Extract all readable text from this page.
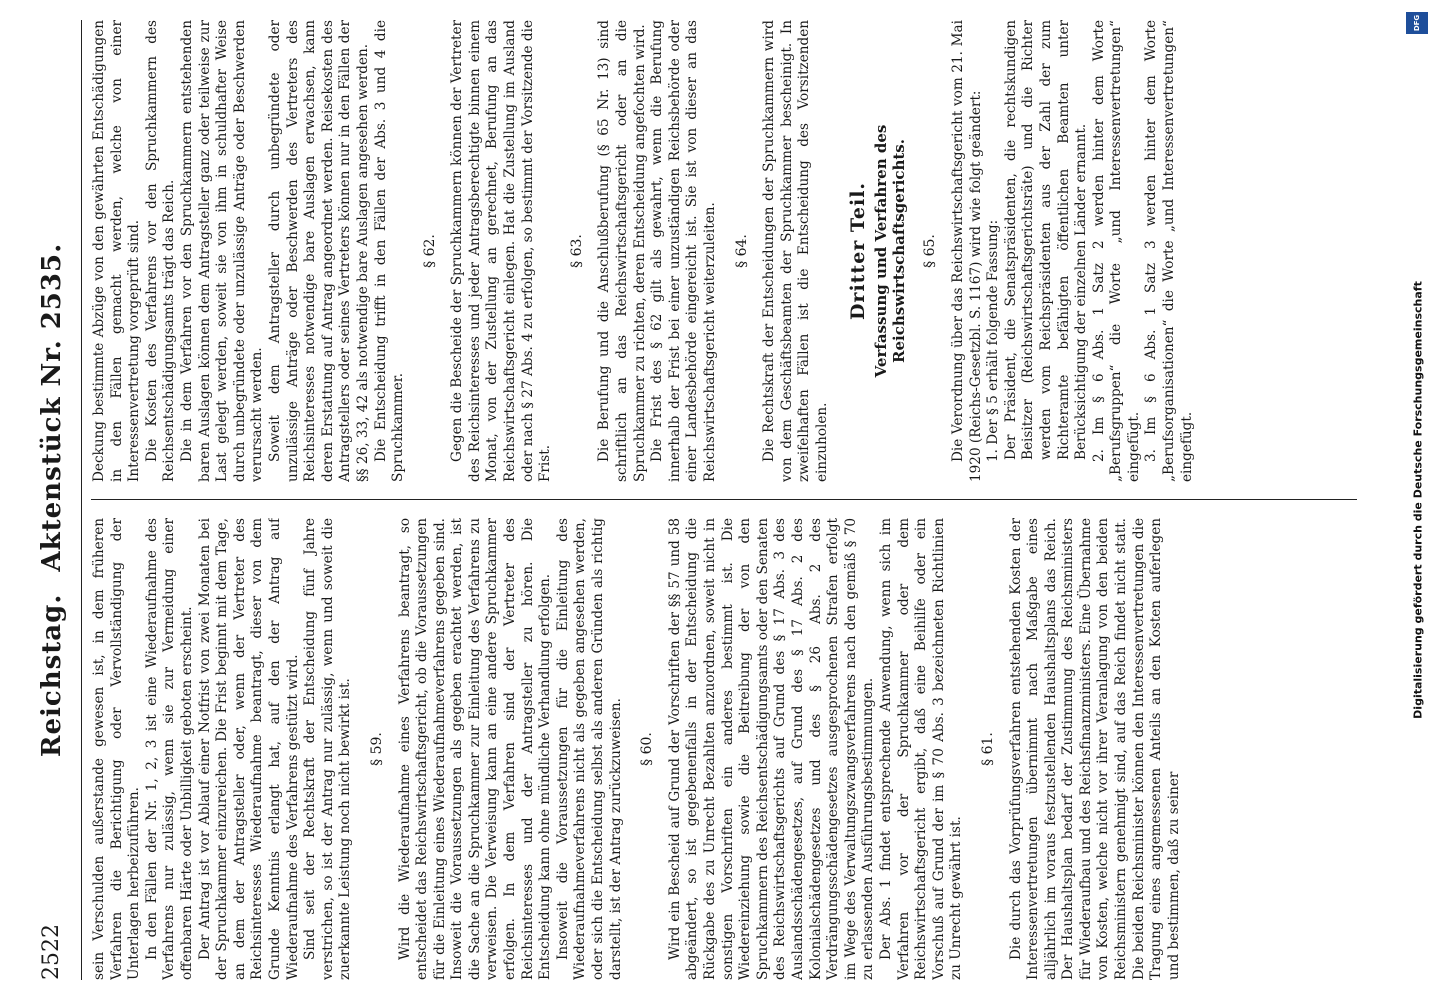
2522
Reichstag. Aktenstück Nr. 2535.

sein Verschulden außerstande gewesen ist, in dem früheren Verfahren die Berichtigung oder Vervollständigung der Unterlagen herbeizuführen. In den Fällen der Nr. 1, 2, 3 ist eine Wiederaufnahme des Verfahrens nur zulässig, wenn sie zur Vermeidung einer offenbaren Härte oder Unbilligkeit geboten erscheint. Der Antrag ist vor Ablauf einer Notfrist von zwei Monaten bei der Spruchkammer einzureichen. Die Frist beginnt mit dem Tage, an dem der Antragsteller oder, wenn der Vertreter des Reichsinteresses Wiederaufnahme beantragt, dieser von dem Grunde Kenntnis erlangt hat, auf den der Antrag auf Wiederaufnahme des Verfahrens gestützt wird. Sind seit der Rechtskraft der Entscheidung fünf Jahre verstrichen, so ist der Antrag nur zulässig, wenn und soweit die zuerkannte Leistung noch nicht bewirkt ist. § 59. Wird die Wiederaufnahme eines Verfahrens beantragt, so entscheidet das Reichswirtschaftsgericht, ob die Voraussetzungen für die Einleitung eines Wiederaufnahmeverfahrens gegeben sind. Insoweit die Voraussetzungen als gegeben erachtet werden, ist die Sache an die Spruchkammer zur Einleitung des Verfahrens zu verweisen. Die Verweisung kann an eine andere Spruchkammer erfolgen. In dem Verfahren sind der Vertreter des Reichsinteresses und der Antragsteller zu hören. Die Entscheidung kann ohne mündliche Verhandlung erfolgen. Insoweit die Voraussetzungen für die Einleitung des Wiederaufnahmeverfahrens nicht als gegeben angesehen werden, oder sich die Entscheidung selbst als anderen Gründen als richtig darstellt, ist der Antrag zurückzuweisen. § 60. Wird ein Bescheid auf Grund der Vorschriften der §§ 57 und 58 abgeändert, so ist gegebenenfalls in der Entscheidung die Rückgabe des zu Unrecht Bezahlten anzuordnen, soweit nicht in sonstigen Vorschriften ein anderes bestimmt ist. Die Wiedereinziehung sowie die Beitreibung der von den Spruchkammern des Reichsentschädigungsamts oder den Senaten des Reichswirtschaftsgerichts auf Grund des § 17 Abs. 3 des Auslandsschädengesetzes, auf Grund des § 17 Abs. 2 des Kolonialschädengesetzes und des § 26 Abs. 2 des Verdrängungsschädengesetzes ausgesprochenen Strafen erfolgt im Wege des Verwaltungszwangsverfahrens nach den gemäß § 70 zu erlassenden Ausführungsbestimmungen. Der Abs. 1 findet entsprechende Anwendung, wenn sich im Verfahren vor der Spruchkammer oder dem Reichswirtschaftsgericht ergibt, daß eine Beihilfe oder ein Vorschuß auf Grund der im § 70 Abs. 3 bezeichneten Richtlinien zu Unrecht gewährt ist.

§ 61. Die durch das Vorprüfungsverfahren entstehenden Kosten der Interessenvertretungen übernimmt nach Maßgabe eines alljährlich im voraus festzustellenden Haushaltsplans das Reich. Der Haushaltsplan bedarf der Zustimmung des Reichsministers für Wiederaufbau und des Reichsfinanzministers. Eine Übernahme von Kosten, welche nicht vor ihrer Veranlagung von den beiden Reichsministern genehmigt sind, auf das Reich findet nicht statt. Die beiden Reichsminister können den Interessenvertretungen die Tragung eines angemessenen Anteils an den Kosten auferlegen und bestimmen, daß zu seiner

Deckung bestimmte Abzüge von den gewährten Entschädigungen in den Fällen gemacht werden, welche von einer Interessenvertretung vorgeprüft sind. Die Kosten des Verfahrens vor den Spruchkammern des Reichsentschädigungsamts trägt das Reich. Die in dem Verfahren vor den Spruchkammern entstehenden baren Auslagen können dem Antragsteller ganz oder teilweise zur Last gelegt werden, soweit sie von ihm in schuldhafter Weise durch unbegründete oder unzulässige Anträge oder Beschwerden verursacht werden. Soweit dem Antragsteller durch unbegründete oder unzulässige Anträge oder Beschwerden des Vertreters des Reichsinteresses notwendige bare Auslagen erwachsen, kann deren Erstattung auf Antrag angeordnet werden. Reisekosten des Antragstellers oder seines Vertreters können nur in den Fällen der §§ 26, 33, 42 als notwendige bare Auslagen angesehen werden. Die Entscheidung trifft in den Fällen der Abs. 3 und 4 die Spruchkammer.

§ 62. Gegen die Bescheide der Spruchkammern können der Vertreter des Reichsinteresses und jeder Antragsberechtigte binnen einem Monat, von der Zustellung an gerechnet, Berufung an das Reichswirtschaftsgericht einlegen. Hat die Zustellung im Ausland oder nach § 27 Abs. 4 zu erfolgen, so bestimmt der Vorsitzende die Frist.

§ 63. Die Berufung und die Anschlußberufung (§ 65 Nr. 13) sind schriftlich an das Reichswirtschaftsgericht oder an die Spruchkammer zu richten, deren Entscheidung angefochten wird. Die Frist des § 62 gilt als gewahrt, wenn die Berufung innerhalb der Frist bei einer unzuständigen Reichsbehörde oder einer Landesbehörde eingereicht ist. Sie ist von dieser an das Reichswirtschaftsgericht weiterzuleiten. § 64. Die Rechtskraft der Entscheidungen der Spruchkammern wird von dem Geschäftsbeamten der Spruchkammer bescheinigt. In zweifelhaften Fällen ist die Entscheidung des Vorsitzenden einzuholen.

Dritter Teil. Verfassung und Verfahren des Reichswirtschaftsgerichts. § 65. Die Verordnung über das Reichswirtschaftsgericht vom 21. Mai 1920 (Reichs-Gesetzbl. S. 1167) wird wie folgt geändert: 1. Der § 5 erhält folgende Fassung: Der Präsident, die Senatspräsidenten, die rechtskundigen Beisitzer (Reichswirtschaftsgerichtsräte) und die Richter werden vom Reichspräsidenten aus der Zahl der zum Richteramte befähigten öffentlichen Beamten unter Berücksichtigung der einzelnen Länder ernannt. 2. Im § 6 Abs. 1 Satz 2 werden hinter dem Worte „Berufsgruppen“ die Worte „und Interessenvertretungen“ eingefügt. 3. Im § 6 Abs. 1 Satz 3 werden hinter dem Worte „Berufsorganisationen“ die Worte „und Interessenvertretungen“ eingefügt.	Digitalisierung gefördert durch die Deutsche Forschungsgemeinschaft
DFG
